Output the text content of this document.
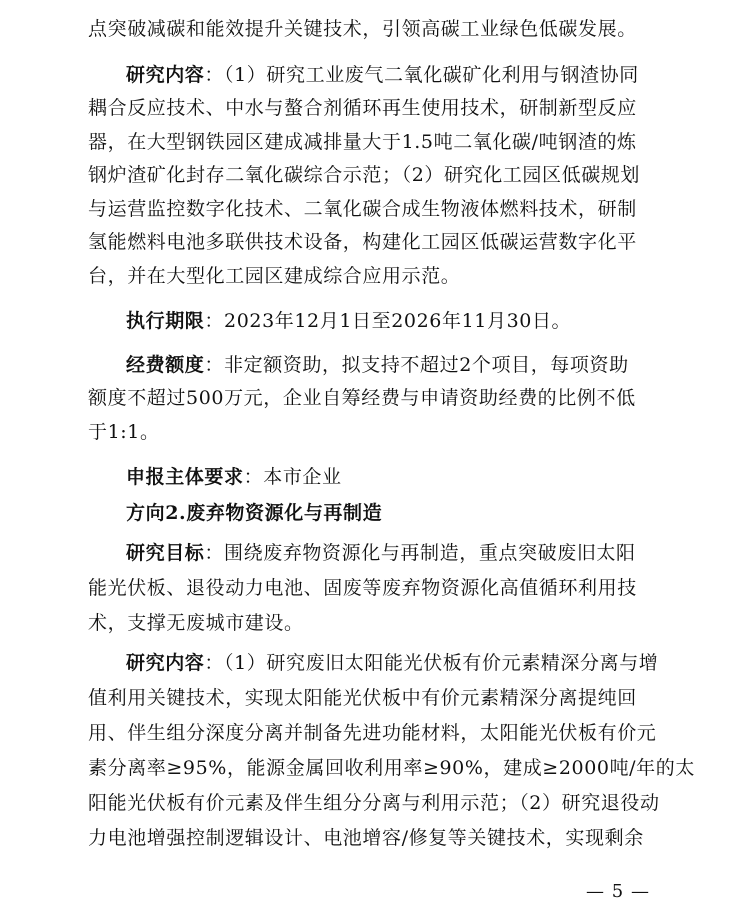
点突破减碳和能效提升关键技术，引领高碳工业绿色低碳发展。
研究内容：（1）研究工业废气二氧化碳矿化利用与钢渣协同
耦合反应技术、中水与螯合剂循环再生使用技术，研制新型反应
器，在大型钢铁园区建成减排量大于1.5吨二氧化碳/吨钢渣的炼
钢炉渣矿化封存二氧化碳综合示范；（2）研究化工园区低碳规划
与运营监控数字化技术、二氧化碳合成生物液体燃料技术，研制
氢能燃料电池多联供技术设备，构建化工园区低碳运营数字化平
台，并在大型化工园区建成综合应用示范。
执行期限：2023年12月1日至2026年11月30日。
经费额度：非定额资助，拟支持不超过2个项目，每项资助
额度不超过500万元，企业自筹经费与申请资助经费的比例不低
于1:1。
申报主体要求：本市企业
方向2.废弃物资源化与再制造
研究目标：围绕废弃物资源化与再制造，重点突破废旧太阳
能光伏板、退役动力电池、固废等废弃物资源化高值循环利用技
术，支撑无废城市建设。
研究内容：（1）研究废旧太阳能光伏板有价元素精深分离与增
值利用关键技术，实现太阳能光伏板中有价元素精深分离提纯回
用、伴生组分深度分离并制备先进功能材料，太阳能光伏板有价元
素分离率≥95%，能源金属回收利用率≥90%，建成≥2000吨/年的太
阳能光伏板有价元素及伴生组分分离与利用示范；（2）研究退役动
力电池增强控制逻辑设计、电池增容/修复等关键技术，实现剩余
— 5 —
